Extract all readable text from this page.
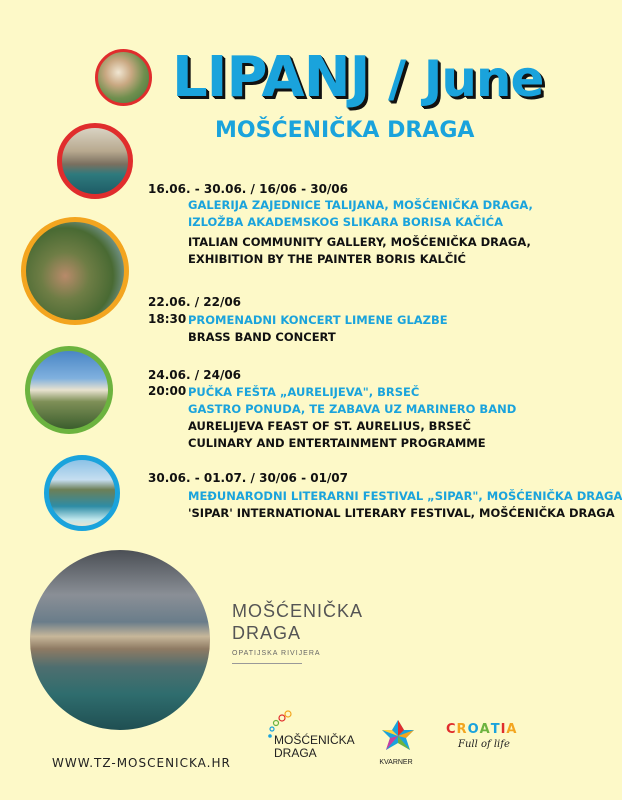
LIPANJ / June
MOŠĆENIČKA DRAGA
16.06. - 30.06. / 16/06 - 30/06
GALERIJA ZAJEDNICE TALIJANA, MOŠĆENIČKA DRAGA,
IZLOŽBA AKADEMSKOG SLIKARA BORISA KAČIĆA
ITALIAN COMMUNITY GALLERY, MOŠĆENIČKA DRAGA,
EXHIBITION BY THE PAINTER BORIS KALČIĆ
22.06. / 22/06
18:30 PROMENADNI KONCERT LIMENE GLAZBE
BRASS BAND CONCERT
24.06. / 24/06
20:00 PUČKA FEŠTA „AURELIJEVA", BRSEČ
GASTRO PONUDA, TE ZABAVA UZ MARINERO BAND
AURELIJEVA FEAST OF ST. AURELIUS, BRSEČ
CULINARY AND ENTERTAINMENT PROGRAMME
30.06. - 01.07. / 30/06 - 01/07
MEĐUNARODNI LITERARNI FESTIVAL „SIPAR", MOŠĆENIČKA DRAGA
'SIPAR' INTERNATIONAL LITERARY FESTIVAL, MOŠĆENIČKA DRAGA
MOŠĆENIČKA
DRAGA
OPATIJSKA RIVIJERA
WWW.TZ-MOSCENICKA.HR
MOŠĆENIČKA
DRAGA
KVARNER
C R O A T I A
Full of life
